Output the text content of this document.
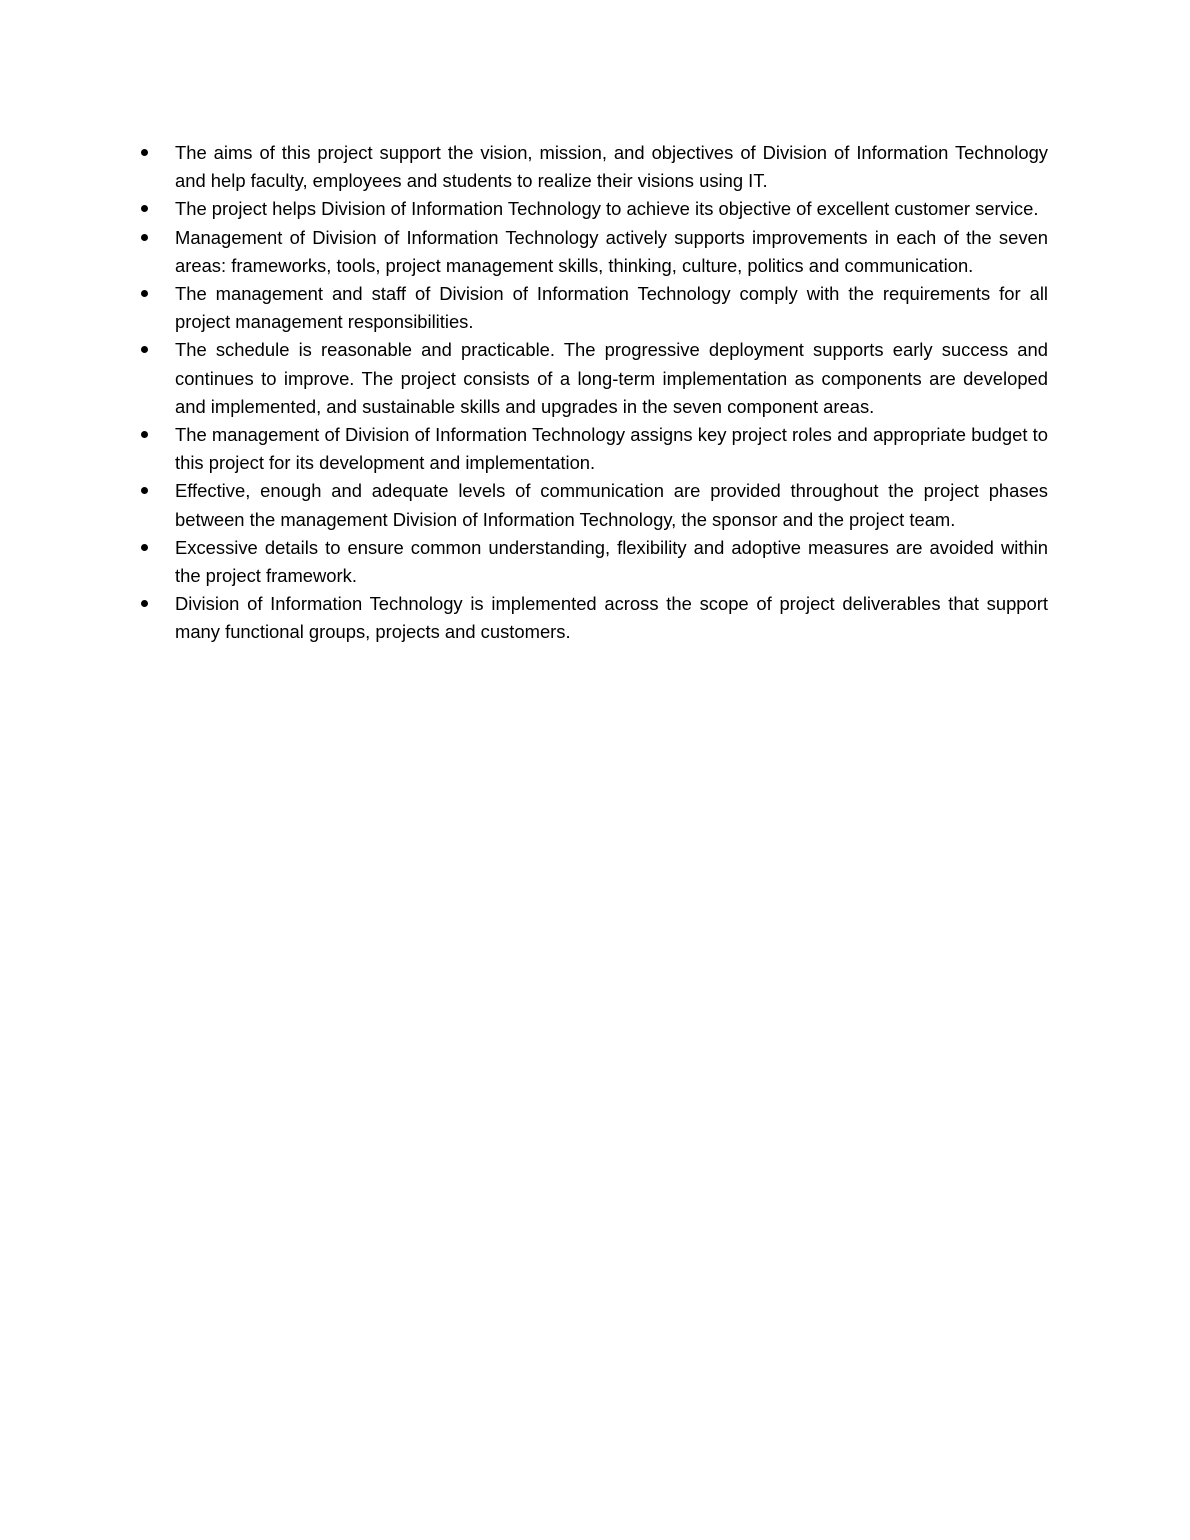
The aims of this project support the vision, mission, and objectives of Division of Information Technology and help faculty, employees and students to realize their visions using IT.
The project helps Division of Information Technology to achieve its objective of excellent customer service.
Management of Division of Information Technology actively supports improvements in each of the seven areas: frameworks, tools, project management skills, thinking, culture, politics and communication.
The management and staff of Division of Information Technology comply with the requirements for all project management responsibilities.
The schedule is reasonable and practicable. The progressive deployment supports early success and continues to improve. The project consists of a long-term implementation as components are developed and implemented, and sustainable skills and upgrades in the seven component areas.
The management of Division of Information Technology assigns key project roles and appropriate budget to this project for its development and implementation.
Effective, enough and adequate levels of communication are provided throughout the project phases between the management Division of Information Technology, the sponsor and the project team.
Excessive details to ensure common understanding, flexibility and adoptive measures are avoided within the project framework.
Division of Information Technology is implemented across the scope of project deliverables that support many functional groups, projects and customers.
